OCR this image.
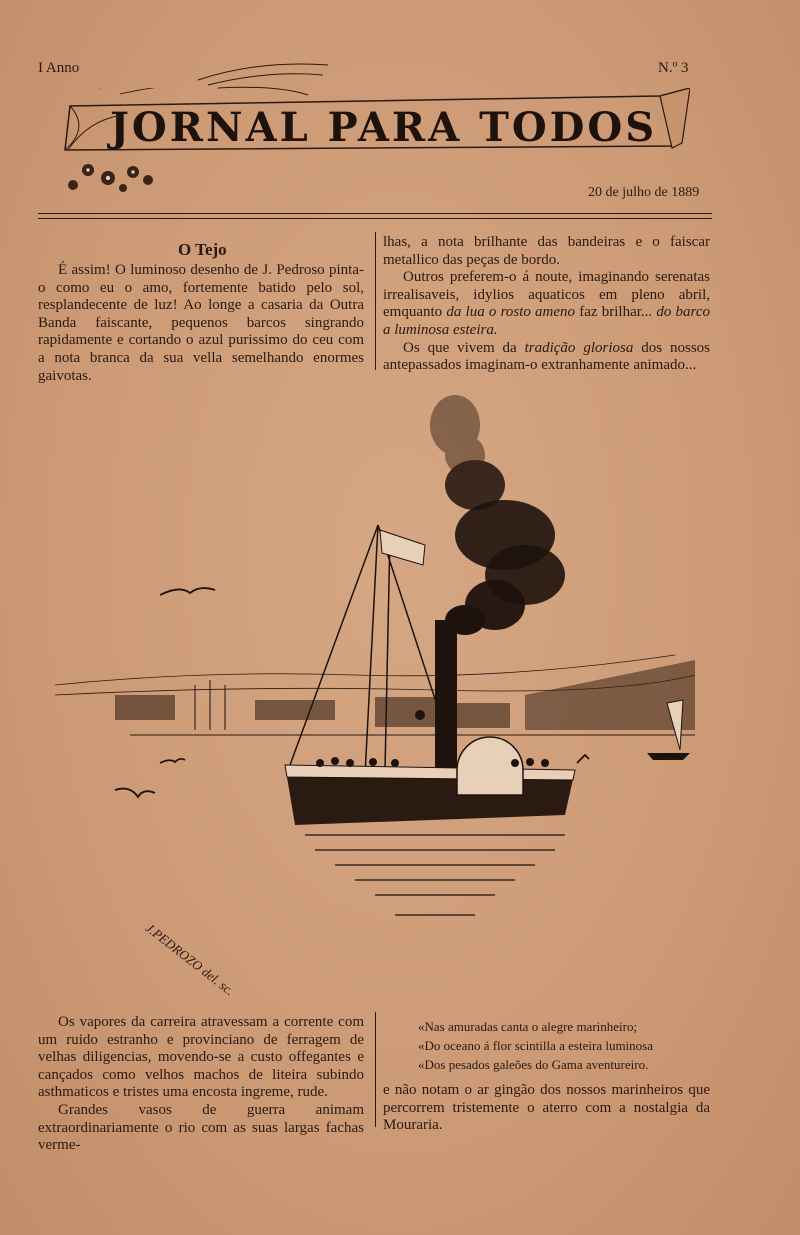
I Anno	N.º 3
JORNAL PARA TODOS
20 de julho de 1889
O Tejo

É assim! O luminoso desenho de J. Pedroso pinta-o como eu o amo, fortemente batido pelo sol, resplandecente de luz! Ao longe a casaria da Outra Banda faiscante, pequenos barcos singrando rapidamente e cortando o azul purissimo do ceu com a nota branca da sua vella semelhando enormes gaivotas.

lhas, a nota brilhante das bandeiras e o faiscar metallico das peças de bordo.

Outros preferem-o á noute, imaginando serenatas irrealisaveis, idylios aquaticos em pleno abril, emquanto da lua o rosto ameno faz brilhar... do barco a luminosa esteira.

Os que vivem da tradição gloriosa dos nossos antepassados imaginam-o extranhamente animado...

J.PEDROZO del. sc.

Os vapores da carreira atravessam a corrente com um ruido estranho e provinciano de ferragem de velhas diligencias, movendo-se a custo offegantes e cançados como velhos machos de liteira subindo asthmaticos e tristes uma encosta ingreme, rude.

Grandes vasos de guerra animam extraordinariamente o rio com as suas largas fachas verme-

«Nas amuradas canta o alegre marinheiro;
«Do oceano á flor scintilla a esteira luminosa
«Dos pesados galeões do Gama aventureiro.

e não notam o ar gingão dos nossos marinheiros que percorrem tristemente o aterro com a nostalgia da Mouraria.
